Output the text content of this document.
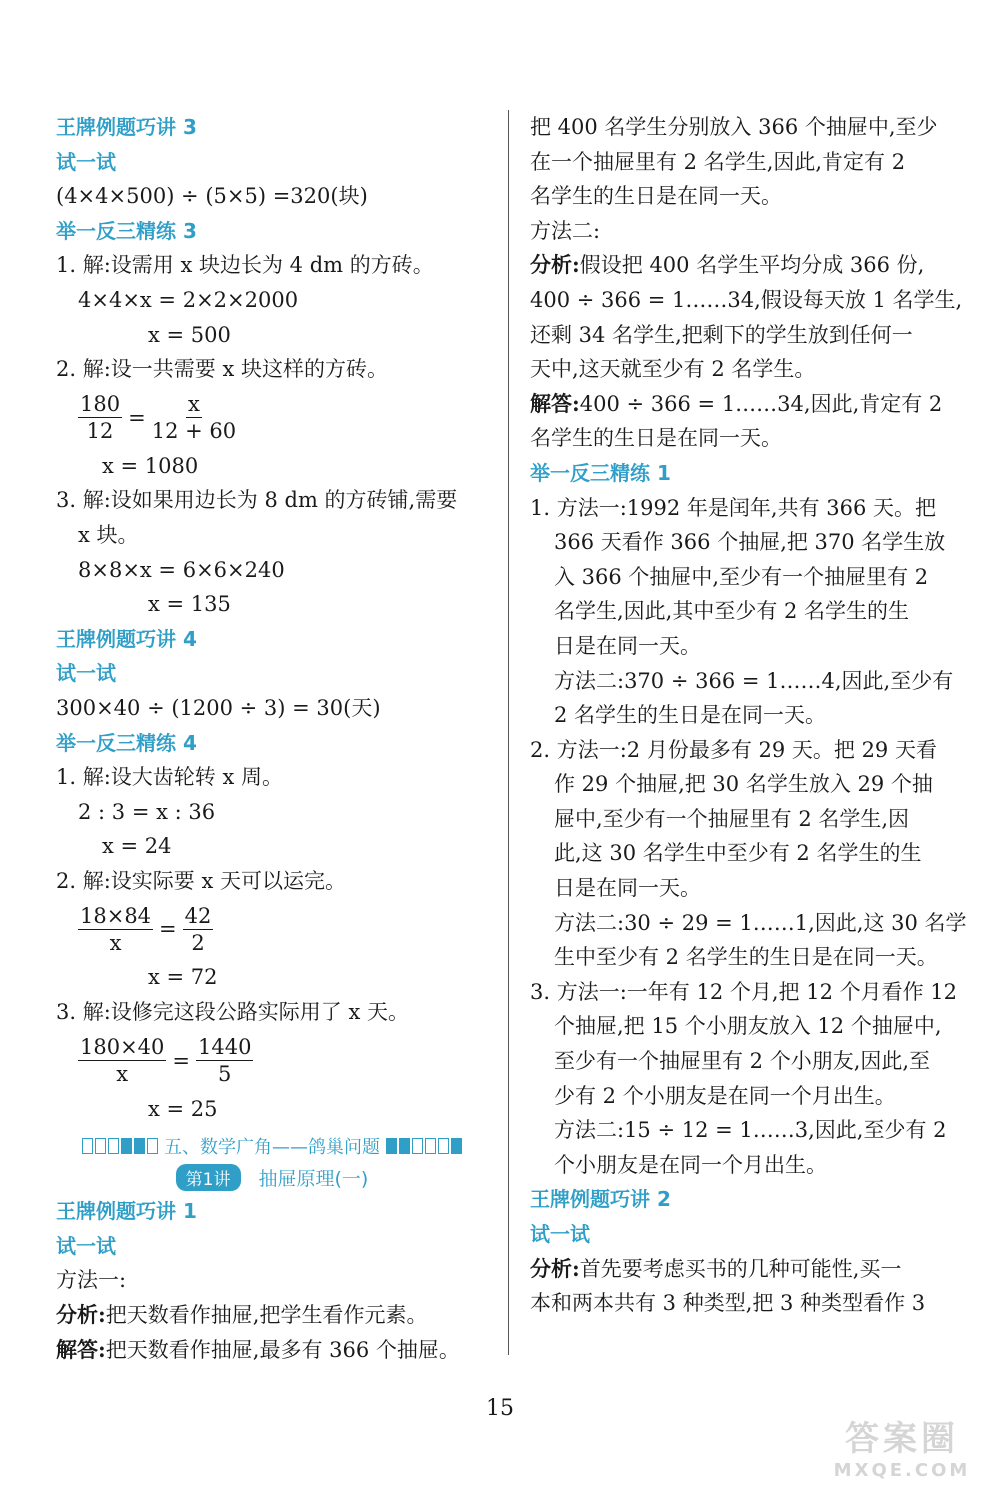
王牌例题巧讲 3
试一试
(4×4×500) ÷ (5×5) =320(块)
举一反三精练 3
1. 解:设需用 x 块边长为 4 dm 的方砖。
4×4×x = 2×2×2000
x = 500
2. 解:设一共需要 x 块这样的方砖。
$\frac{180}{12} = \frac{x}{12 + 60}$
x = 1080
3. 解:设如果用边长为 8 dm 的方砖铺,需要
x 块。
8×8×x = 6×6×240
x = 135
王牌例题巧讲 4
试一试
300×40 ÷ (1200 ÷ 3) = 30(天)
举一反三精练 4
1. 解:设大齿轮转 x 周。
2 : 3 = x : 36
x = 24
2. 解:设实际要 x 天可以运完。
$\frac{18\times 84}{x} = \frac{42}{2}$
x = 72
3. 解:设修完这段公路实际用了 x 天。
$\frac{180\times 40}{x} = \frac{1440}{5}$
x = 25
五、数学广角——鸽巢问题
第1讲	抽屉原理(一)
王牌例题巧讲 1
试一试
方法一:
分析:把天数看作抽屉,把学生看作元素。
解答:把天数看作抽屉,最多有 366 个抽屉。
把 400 名学生分别放入 366 个抽屉中,至少
在一个抽屉里有 2 名学生,因此,肯定有 2
名学生的生日是在同一天。
方法二:
分析:假设把 400 名学生平均分成 366 份,
400 ÷ 366 = 1……34,假设每天放 1 名学生,
还剩 34 名学生,把剩下的学生放到任何一
天中,这天就至少有 2 名学生。
解答:400 ÷ 366 = 1……34,因此,肯定有 2
名学生的生日是在同一天。
举一反三精练 1
1. 方法一:1992 年是闰年,共有 366 天。把
366 天看作 366 个抽屉,把 370 名学生放
入 366 个抽屉中,至少有一个抽屉里有 2
名学生,因此,其中至少有 2 名学生的生
日是在同一天。
方法二:370 ÷ 366 = 1……4,因此,至少有
2 名学生的生日是在同一天。
2. 方法一:2 月份最多有 29 天。把 29 天看
作 29 个抽屉,把 30 名学生放入 29 个抽
屉中,至少有一个抽屉里有 2 名学生,因
此,这 30 名学生中至少有 2 名学生的生
日是在同一天。
方法二:30 ÷ 29 = 1……1,因此,这 30 名学
生中至少有 2 名学生的生日是在同一天。
3. 方法一:一年有 12 个月,把 12 个月看作 12
个抽屉,把 15 个小朋友放入 12 个抽屉中,
至少有一个抽屉里有 2 个小朋友,因此,至
少有 2 个小朋友是在同一个月出生。
方法二:15 ÷ 12 = 1……3,因此,至少有 2
个小朋友是在同一个月出生。
王牌例题巧讲 2
试一试
分析:首先要考虑买书的几种可能性,买一
本和两本共有 3 种类型,把 3 种类型看作 3
15
答案圈
MXQE.COM
